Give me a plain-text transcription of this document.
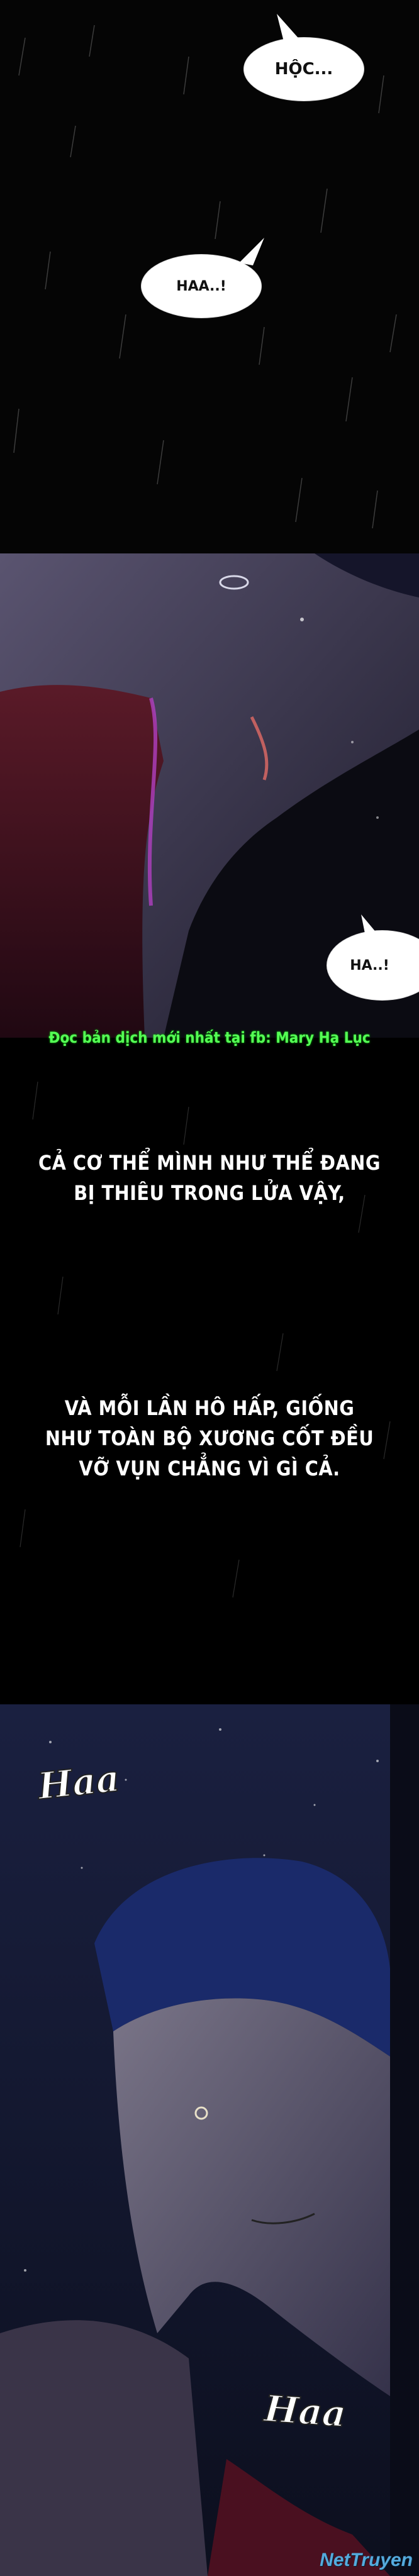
HỘC...
HAA..!
HA..!
Đọc bản dịch mới nhất tại fb: Mary Hạ Lục
CẢ CƠ THỂ MÌNH NHƯ THỂ ĐANG
BỊ THIÊU TRONG LỬA VẬY,
VÀ MỖI LẦN HÔ HẤP, GIỐNG
NHƯ TOÀN BỘ XƯƠNG CỐT ĐỀU
VỠ VỤN CHẲNG VÌ GÌ CẢ.
Haa
Haa
NetTruyen
